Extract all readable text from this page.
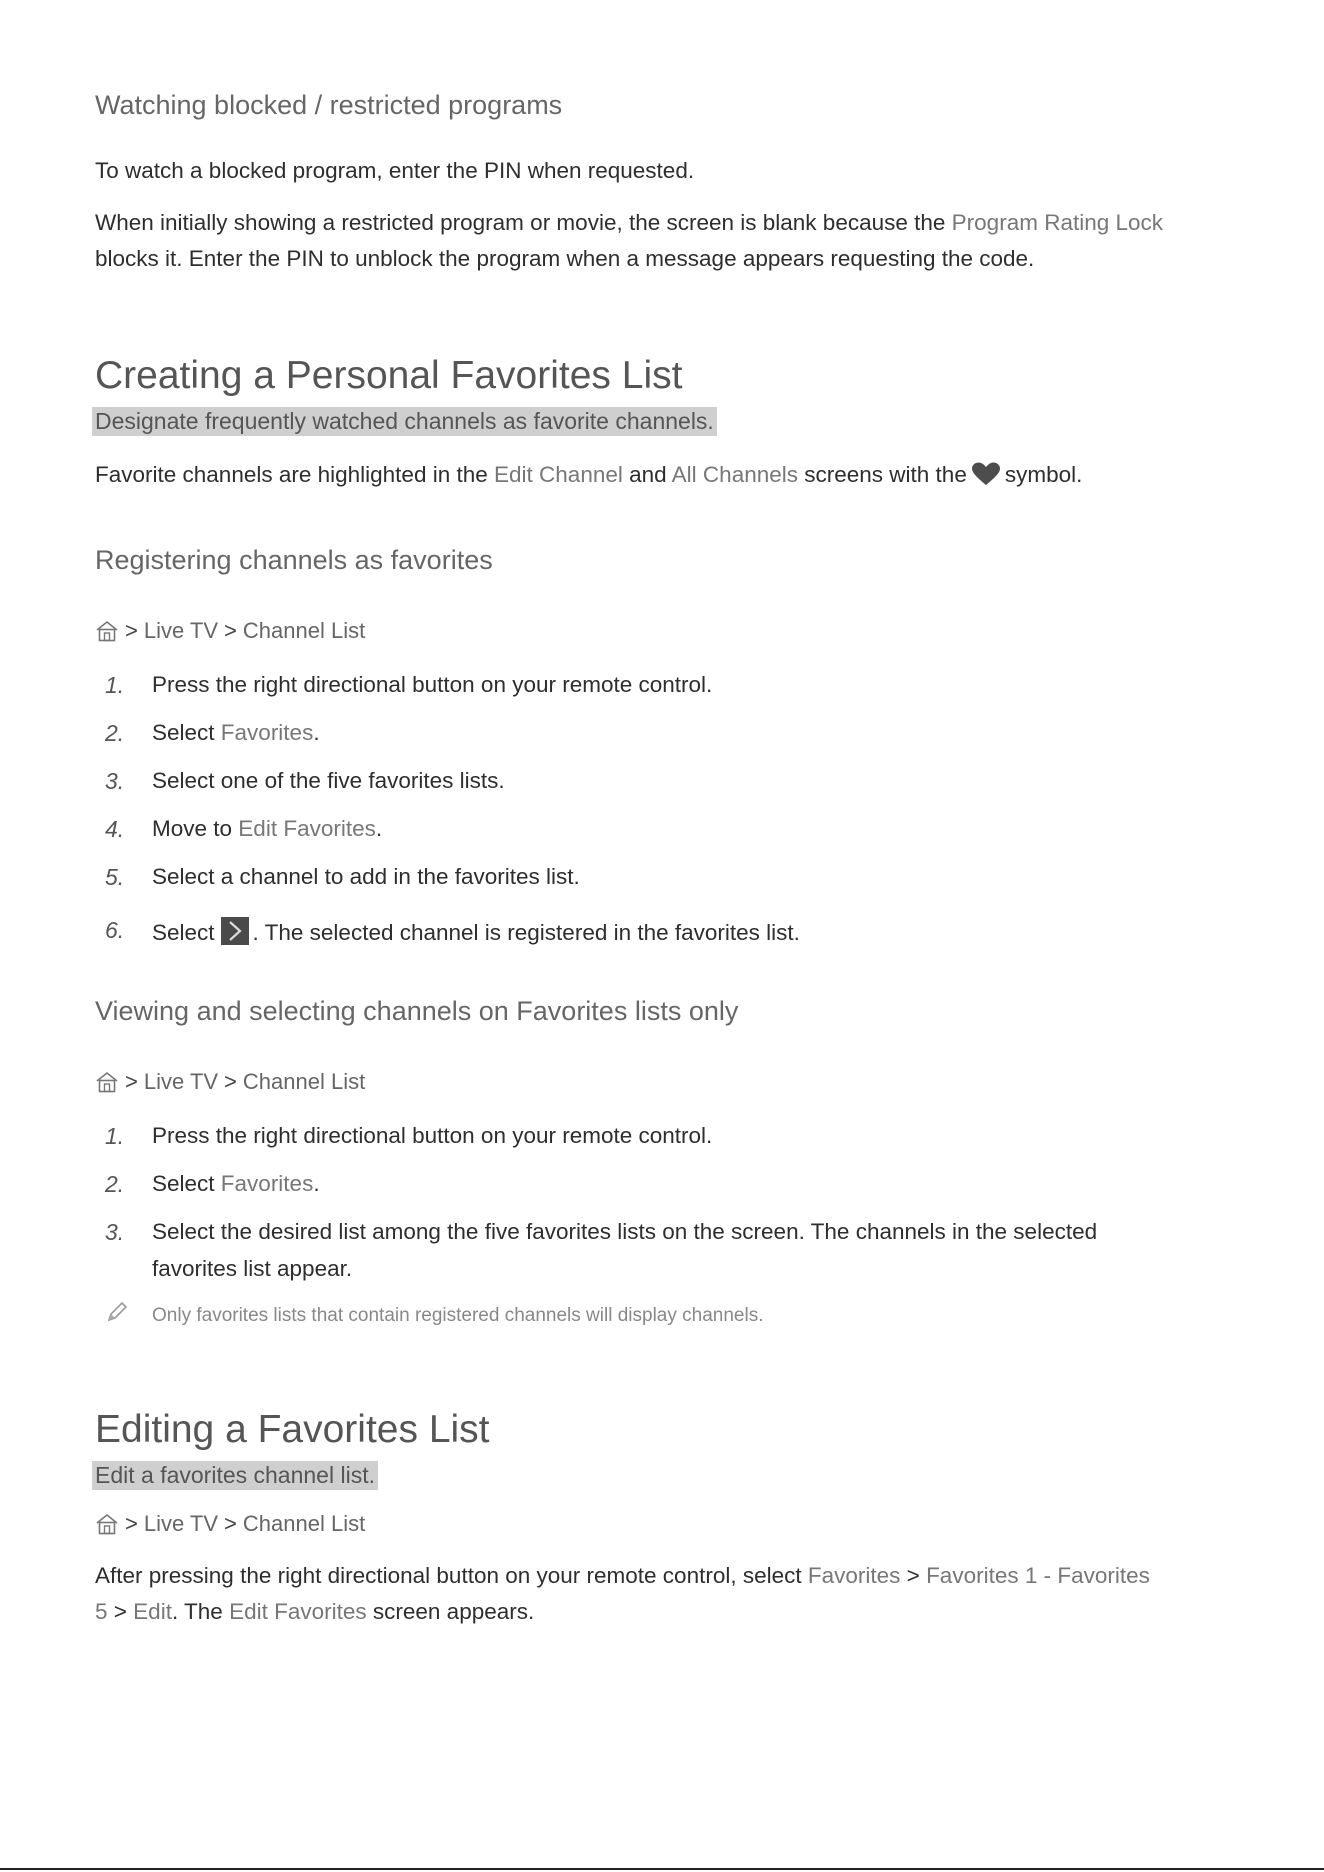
Watching blocked / restricted programs
To watch a blocked program, enter the PIN when requested.
When initially showing a restricted program or movie, the screen is blank because the Program Rating Lock blocks it. Enter the PIN to unblock the program when a message appears requesting the code.
Creating a Personal Favorites List
Designate frequently watched channels as favorite channels.
Favorite channels are highlighted in the Edit Channel and All Channels screens with the symbol.
Registering channels as favorites
> Live TV > Channel List
1.	Press the right directional button on your remote control.
2.	Select Favorites.
3.	Select one of the five favorites lists.
4.	Move to Edit Favorites.
5.	Select a channel to add in the favorites list.
6.	Select . The selected channel is registered in the favorites list.
Viewing and selecting channels on Favorites lists only
> Live TV > Channel List
1.	Press the right directional button on your remote control.
2.	Select Favorites.
3.	Select the desired list among the five favorites lists on the screen. The channels in the selected
favorites list appear.
Only favorites lists that contain registered channels will display channels.
Editing a Favorites List
Edit a favorites channel list.
> Live TV > Channel List
After pressing the right directional button on your remote control, select Favorites > Favorites 1 - Favorites 5 > Edit. The Edit Favorites screen appears.
